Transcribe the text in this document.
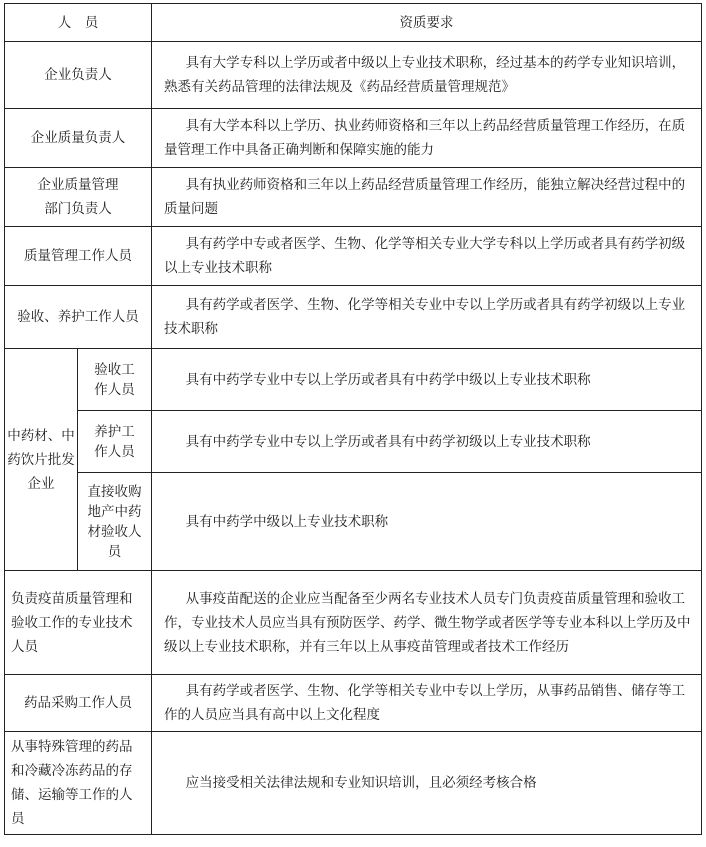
人　员		资质要求
企业负责人		具有大学专科以上学历或者中级以上专业技术职称，经过基本的药学专业知识培训，熟悉有关药品管理的法律法规及《药品经营质量管理规范》
企业质量负责人		具有大学本科以上学历、执业药师资格和三年以上药品经营质量管理工作经历，在质量管理工作中具备正确判断和保障实施的能力
企业质量管理部门负责人		具有执业药师资格和三年以上药品经营质量管理工作经历，能独立解决经营过程中的质量问题
质量管理工作人员		具有药学中专或者医学、生物、化学等相关专业大学专科以上学历或者具有药学初级以上专业技术职称
验收、养护工作人员		具有药学或者医学、生物、化学等相关专业中专以上学历或者具有药学初级以上专业技术职称
中药材、中药饮片批发企业	验收工作人员	具有中药学专业中专以上学历或者具有中药学中级以上专业技术职称
	养护工作人员	具有中药学专业中专以上学历或者具有中药学初级以上专业技术职称
	直接收购地产中药材验收人员	具有中药学中级以上专业技术职称
负责疫苗质量管理和验收工作的专业技术人员		从事疫苗配送的企业应当配备至少两名专业技术人员专门负责疫苗质量管理和验收工作，专业技术人员应当具有预防医学、药学、微生物学或者医学等专业本科以上学历及中级以上专业技术职称，并有三年以上从事疫苗管理或者技术工作经历
药品采购工作人员		具有药学或者医学、生物、化学等相关专业中专以上学历，从事药品销售、储存等工作的人员应当具有高中以上文化程度
从事特殊管理的药品和冷藏冷冻药品的存储、运输等工作的人员		应当接受相关法律法规和专业知识培训，且必须经考核合格
